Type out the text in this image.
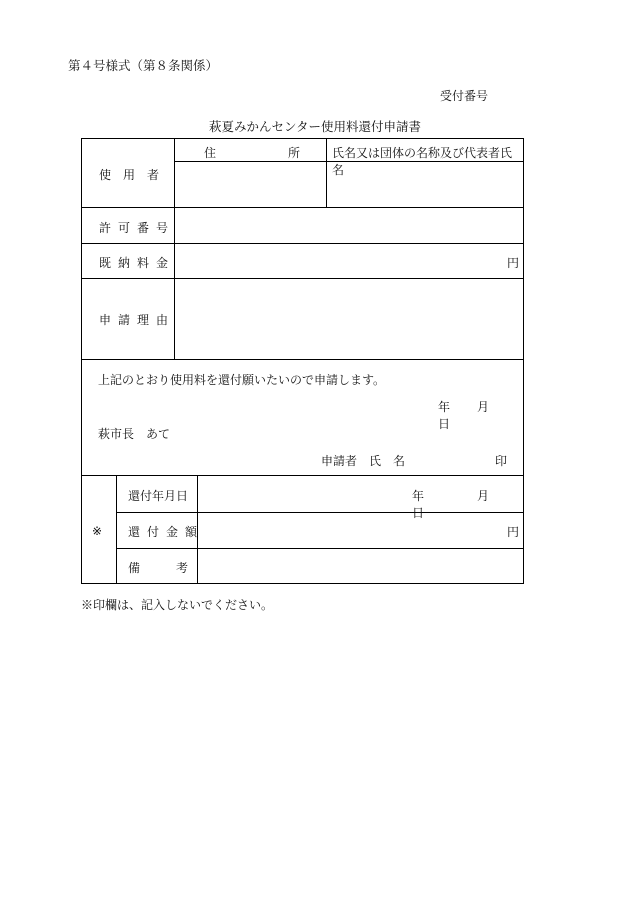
第４号様式（第８条関係）
受付番号
萩夏みかんセンター使用料還付申請書
使　用　者
住　　　　　　所	氏名又は団体の名称及び代表者氏名
許可番号
既納料金	円
申請理由
上記のとおり使用料を還付願いたいので申請します。
年　　月　　日
萩市長　あて
申請者　氏　名	印
※
還付年月日	年　　　　月　　　　日
還付金額	円
備　　　考
※印欄は、記入しないでください。
